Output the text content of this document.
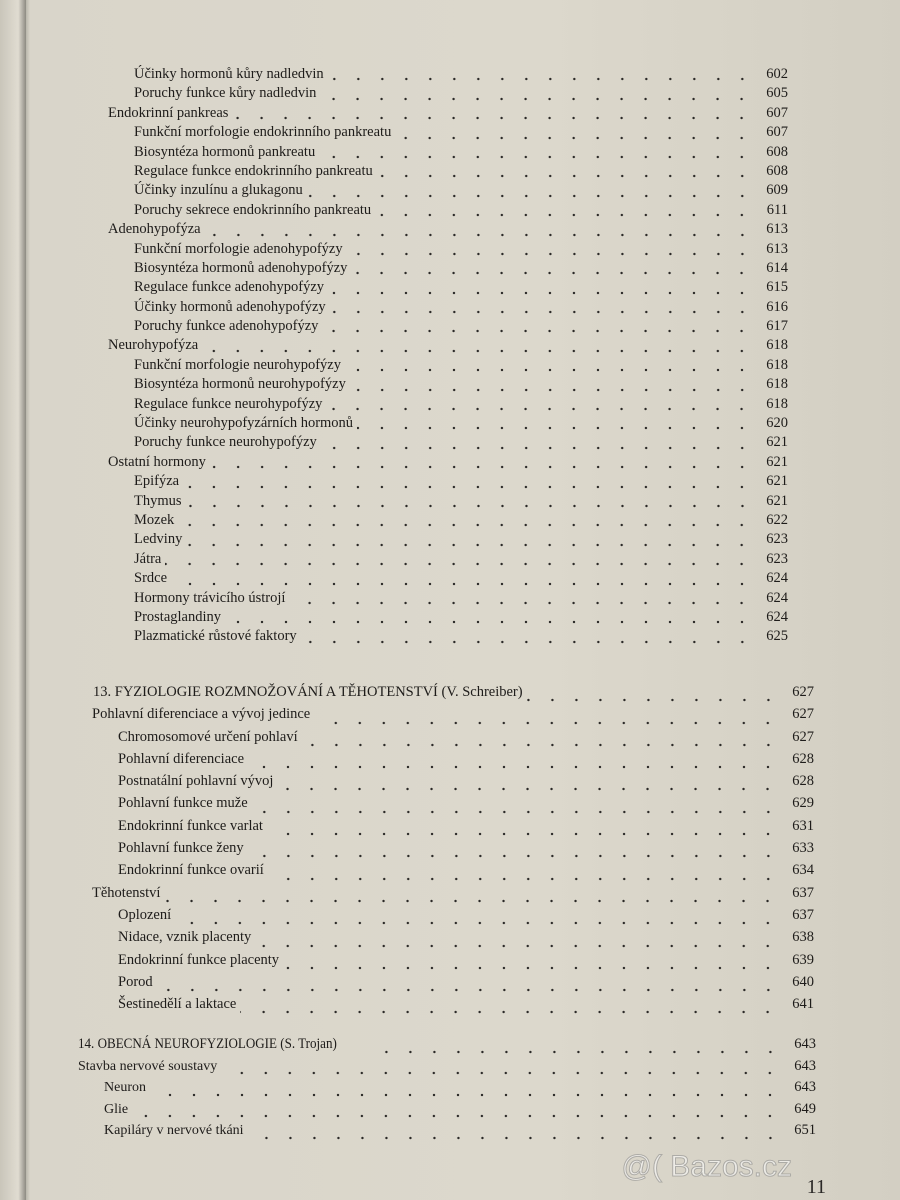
Účinky hormonů kůry nadledvin	602
Poruchy funkce kůry nadledvin	605
Endokrinní pankreas	607
Funkční morfologie endokrinního pankreatu	607
Biosyntéza hormonů pankreatu	608
Regulace funkce endokrinního pankreatu	608
Účinky inzulínu a glukagonu	609
Poruchy sekrece endokrinního pankreatu	611
Adenohypofýza	613
Funkční morfologie adenohypofýzy	613
Biosyntéza hormonů adenohypofýzy	614
Regulace funkce adenohypofýzy	615
Účinky hormonů adenohypofýzy	616
Poruchy funkce adenohypofýzy	617
Neurohypofýza	618
Funkční morfologie neurohypofýzy	618
Biosyntéza hormonů neurohypofýzy	618
Regulace funkce neurohypofýzy	618
Účinky neurohypofyzárních hormonů	620
Poruchy funkce neurohypofýzy	621
Ostatní hormony	621
Epifýza	621
Thymus	621
Mozek	622
Ledviny	623
Játra	623
Srdce	624
Hormony trávicího ústrojí	624
Prostaglandiny	624
Plazmatické růstové faktory	625
13. FYZIOLOGIE ROZMNOŽOVÁNÍ A TĚHOTENSTVÍ (V. Schreiber)	627
Pohlavní diferenciace a vývoj jedince	627
Chromosomové určení pohlaví	627
Pohlavní diferenciace	628
Postnatální pohlavní vývoj	628
Pohlavní funkce muže	629
Endokrinní funkce varlat	631
Pohlavní funkce ženy	633
Endokrinní funkce ovarií	634
Těhotenství	637
Oplození	637
Nidace, vznik placenty	638
Endokrinní funkce placenty	639
Porod	640
Šestinedělí a laktace	641
14. OBECNÁ NEUROFYZIOLOGIE (S. Trojan)	643
Stavba nervové soustavy	643
Neuron	643
Glie	649
Kapiláry v nervové tkáni	651
11
@( Bazos.cz
